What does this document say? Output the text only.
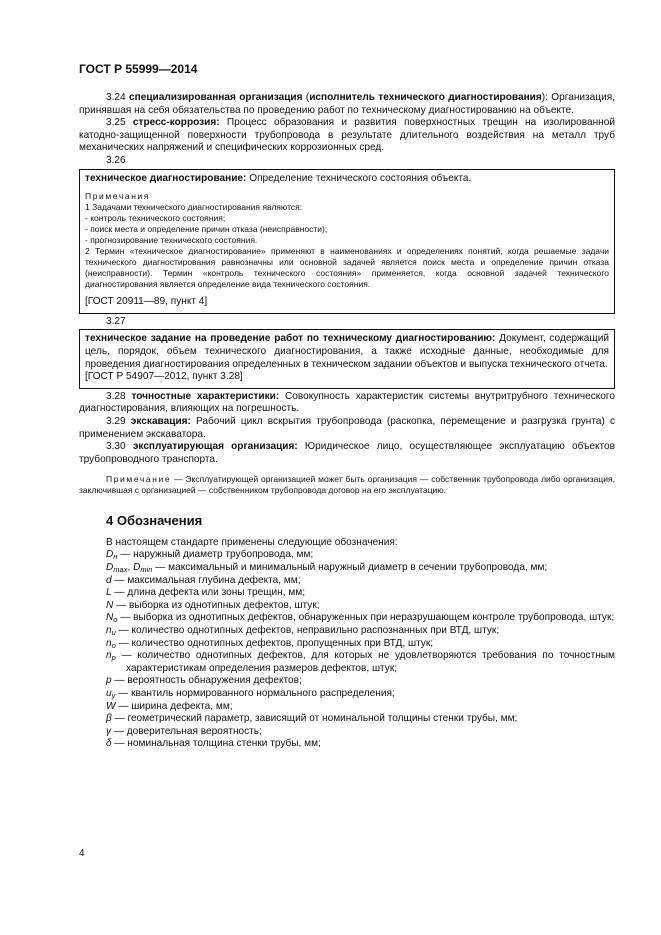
ГОСТ Р 55999—2014

3.24 специализированная организация (исполнитель технического диагностирования): Организация, принявшая на себя обязательства по проведению работ по техническому диагностированию на объекте.

3.25 стресс-коррозия: Процесс образования и развития поверхностных трещин на изолированной катодно-защищенной поверхности трубопровода в результате длительного воздействия на металл труб механических напряжений и специфических коррозионных сред.

3.26

техническое диагностирование: Определение технического состояния объекта.

Примечания

1 Задачами технического диагностирования являются:

- контроль технического состояния;

- поиск места и определение причин отказа (неисправности);

- прогнозирование технического состояния.

2 Термин «техническое диагностирование» применяют в наименованиях и определениях понятий, когда решаемые задачи технического диагностирования равнозначны или основной задачей является поиск места и определение причин отказа (неисправности). Термин «контроль технического состояния» применяется, когда основной задачей технического диагностирования является определение вида технического состояния.

[ГОСТ 20911—89, пункт 4]

3.27

техническое задание на проведение работ по техническому диагностированию: Документ, содержащий цель, порядок, объем технического диагностирования, а также исходные данные, необходимые для проведения диагностирования определенных в техническом задании объектов и выпуска технического отчета.

[ГОСТ Р 54907—2012, пункт 3.28]

3.28 точностные характеристики: Совокупность характеристик системы внутритрубного технического диагностирования, влияющих на погрешность.

3.29 экскавация: Рабочий цикл вскрытия трубопровода (раскопка, перемещение и разгрузка грунта) с применением экскаватора.

3.30 эксплуатирующая организация: Юридическое лицо, осуществляющее эксплуатацию объектов трубопроводного транспорта.

Примечание — Эксплуатирующей организацией может быть организация — собственник трубопровода либо организация, заключившая с организацией — собственником трубопровода договор на его эксплуатацию.

4 Обозначения

В настоящем стандарте применены следующие обозначения:

$D_н$ — наружный диаметр трубопровода, мм;

$D_{max}$, $D_{min}$ — максимальный и минимальный наружный диаметр в сечении трубопровода, мм;

d — максимальная глубина дефекта, мм;

L — длина дефекта или зоны трещин, мм;

N — выборка из однотипных дефектов, штук;

$N_о$ — выборка из однотипных дефектов, обнаруженных при неразрушающем контроле трубопровода, штук;

$n_и$ — количество однотипных дефектов, неправильно распознанных при ВТД, штук;

$n_о$ — количество однотипных дефектов, пропущенных при ВТД, штук;

$n_р$ — количество однотипных дефектов, для которых не удовлетворяются требования по точностным характеристикам определения размеров дефектов, штук;

р — вероятность обнаружения дефектов;

$u_\gamma$ — квантиль нормированного нормального распределения;

W — ширина дефекта, мм;

β — геометрический параметр, зависящий от номинальной толщины стенки трубы, мм;

γ — доверительная вероятность;

δ — номинальная толщина стенки трубы, мм;

4
